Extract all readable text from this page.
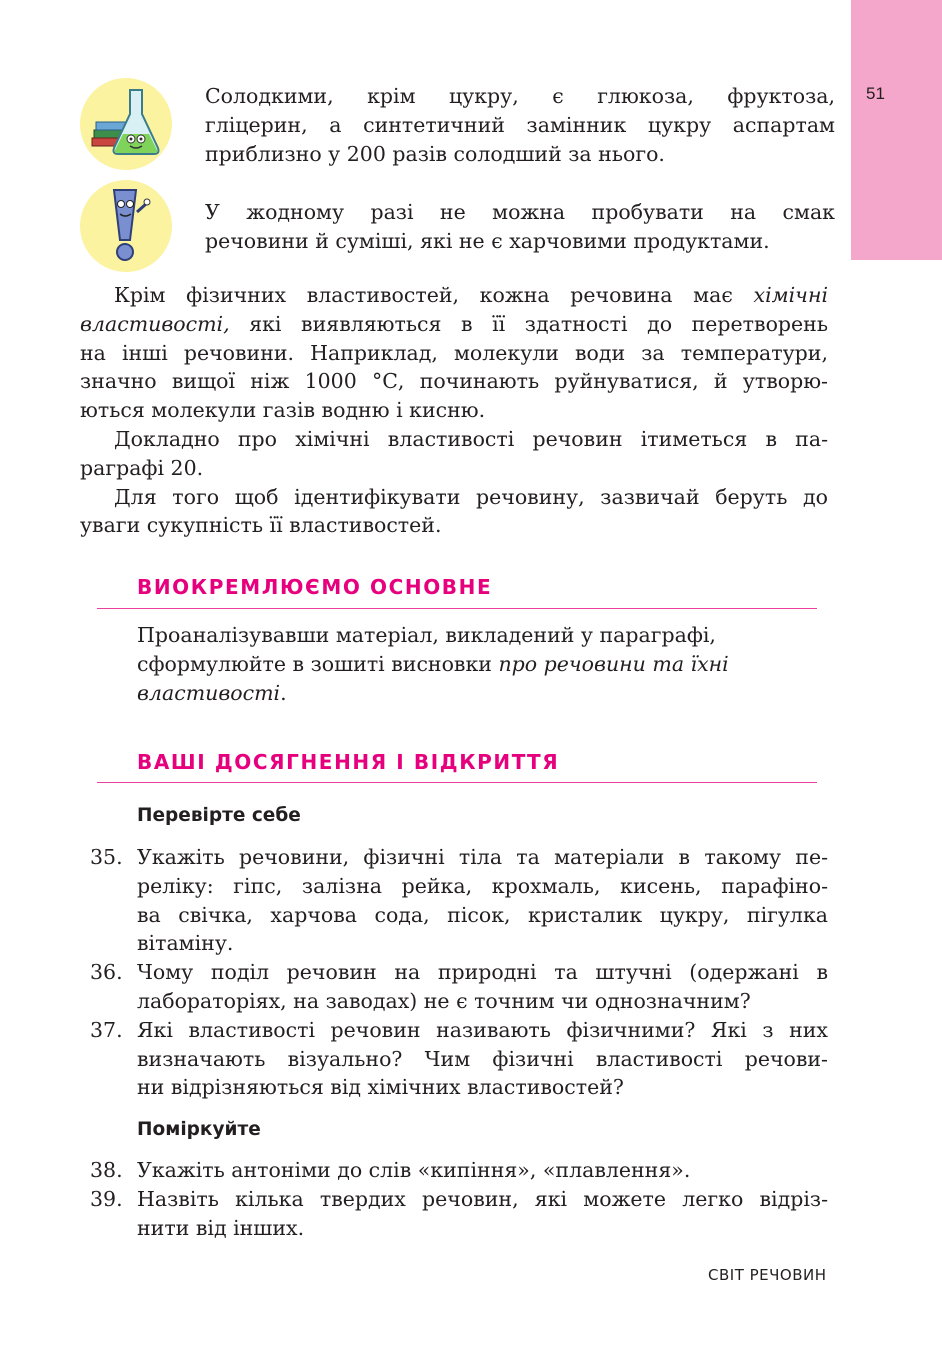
51
Солодкими, крім цукру, є глюкоза, фруктоза,
гліцерин, а синтетичний замінник цукру аспартам
приблизно у 200 разів солодший за нього.
У жодному разі не можна пробувати на смак
речовини й суміші, які не є харчовими продуктами.

Крім фізичних властивостей, кожна речовина має хімічні
властивості, які виявляються в її здатності до перетворень
на інші речовини. Наприклад, молекули води за температури,
значно вищої ніж 1000 °С, починають руйнуватися, й утворю-
ються молекули газів водню і кисню.

Докладно про хімічні властивості речовин ітиметься в па-
раграфі 20.

Для того щоб ідентифікувати речовину, зазвичай беруть до
уваги сукупність її властивостей.

ВИОКРЕМЛЮЄМО ОСНОВНЕ
Проаналізувавши матеріал, викладений у параграфі,
сформулюйте в зошиті висновки про речовини та їхні
властивості.
ВАШІ ДОСЯГНЕННЯ І ВІДКРИТТЯ
Перевірте себе
35. Укажіть речовини, фізичні тіла та матеріали в такому пе-
реліку: гіпс, залізна рейка, крохмаль, кисень, парафіно-
ва свічка, харчова сода, пісок, кристалик цукру, пігулка
вітаміну.
36. Чому поділ речовин на природні та штучні (одержані в
лабораторіях, на заводах) не є точним чи однозначним?
37. Які властивості речовин називають фізичними? Які з них
визначають візуально? Чим фізичні властивості речови-
ни відрізняються від хімічних властивостей?
Поміркуйте
38. Укажіть антоніми до слів «кипіння», «плавлення».
39. Назвіть кілька твердих речовин, які можете легко відріз-
нити від інших.
СВІТ РЕЧОВИН
